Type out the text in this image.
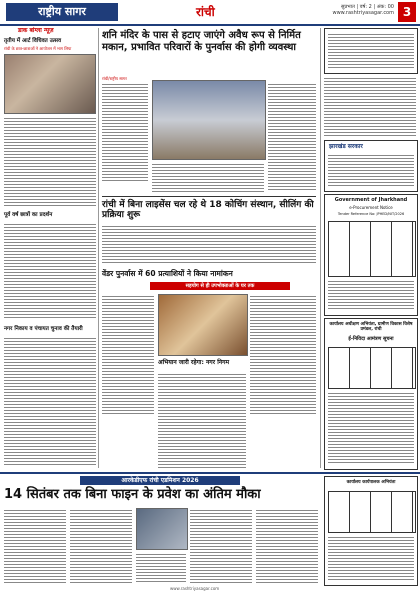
राष्ट्रीय सागर	रांची	सुप्रभात | वर्ष: 2 | अंक: 00 www.rashtriyasagar.com 3
डाक बांग्ला न्यूज़
तृतीय में आर्ट विधिवत उत्सव
रांची के छात्र-छात्राओं ने आयोजन में भाग लिया
पूर्व वर्ष छात्रों का प्रदर्शन
नगर निकाय व पंचायत चुनाव की तैयारी
शनि मंदिर के पास से हटाए जाएंगे अवैध रूप से निर्मित मकान, प्रभावित परिवारों के पुनर्वास की होगी व्यवस्था
रांची/राष्ट्रीय सागर
रांची में बिना लाइसेंस चल रहे थे 18 कोचिंग संस्थान, सीलिंग की प्रक्रिया शुरू
वेंडर पुनर्वास में 60 प्रत्याशियों ने किया नामांकन
सहयोग से ही उपभोक्ताओं के घर तक
अभियान जारी रहेगा: नगर निगम
झारखंड सरकार
Government of Jharkhand
e-Procurement Notice
Tender Reference No: JPHED/NIT/2026
कार्यालय अधीक्षण अभियंता, ग्रामीण विकास विशेष प्रमंडल, रांची
ई-निविदा आमंत्रण सूचना
आरकेडीएफ रांची एडमिशन 2026
14 सितंबर तक बिना फाइन के प्रवेश का अंतिम मौका
कार्यालय कार्यपालक अभियंता
www.rashtriyasagar.com
